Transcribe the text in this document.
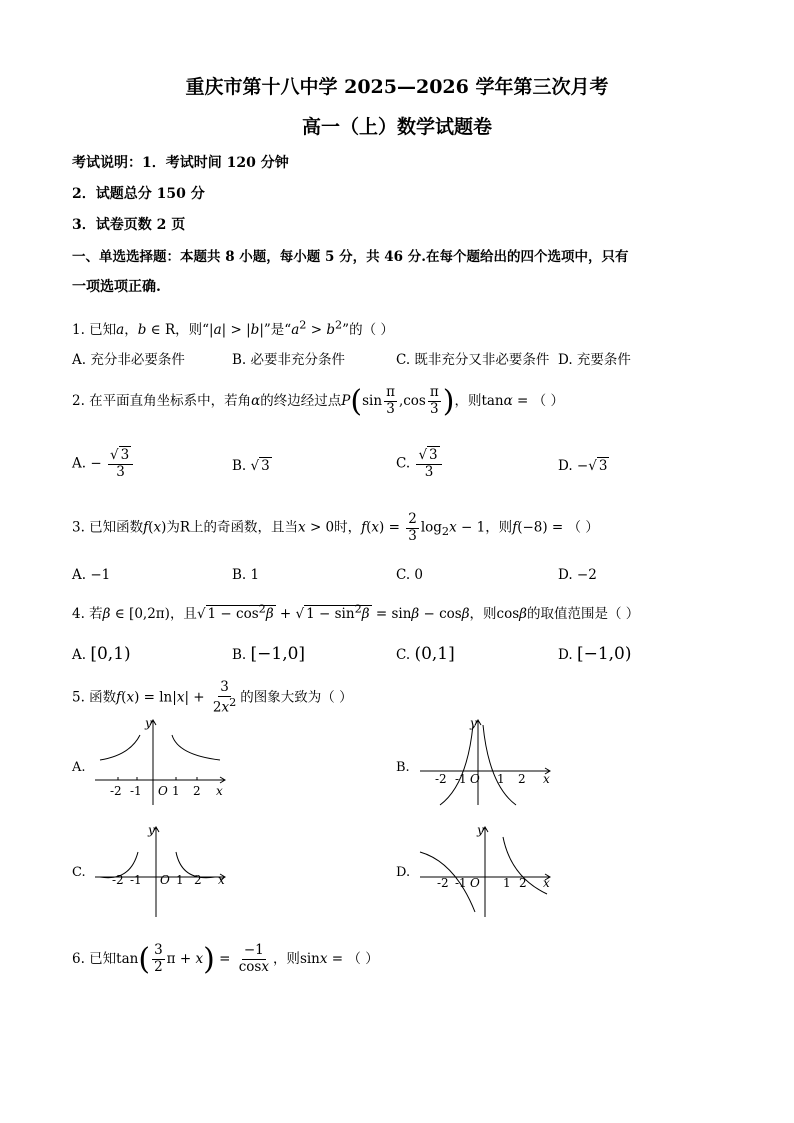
重庆市第十八中学 2025—2026 学年第三次月考
高一（上）数学试题卷
考试说明：1．考试时间 120 分钟
2．试题总分 150 分
3．试卷页数 2 页
一、单选选择题：本题共 8 小题，每小题 5 分，共 46 分.在每个题给出的四个选项中，只有
一项选项正确.
1. 已知a，b ∈ R，则“|a| > |b|”是“$a^2 > b^2$”的（ ）
A. 充分非必要条件	B. 必要非充分条件	C. 既非充分又非必要条件 D. 充要条件
2. 在平面直角坐标系中，若角α的终边经过点$P(\sin \frac{\pi}{3} ,\cos \frac{\pi}{3}$ )，则tanα = （ ）
A. − $\frac{√ 3}{3}$	B. √ 3	C. $\frac{√ 3}{3}$	D. −√ 3
3. 已知函数f(x)为R上的奇函数，且当x > 0时，$f(x) = \frac{2}{3} \log_2x - 1$，则f(−8) = （ ）
A. −1	B. 1	C. 0	D. −2
4. 若β ∈ [0,2π)，且√ $1 - \cos^2\beta$ + √ $1 - \sin^2\beta = \sin\beta - \cos\beta$，则cosβ的取值范围是（ ）
A. [0,1)	B. [−1,0]	C. (0,1]	D. [−1,0)
5. 函数$f(x) = \ln|x| + \frac{3}{2x^2}$ 的图象大致为（ ）
A.
-2 -1	1 2
O	x
y
B.
-2 -1	1 2
O	x
y
C. -2 -1	1 2
O	x
y
D.
-2 -1	1 2
O	x
y
6. 已知$\tan( \frac{3}{2}$ $\pi + x) = \frac{-1}{\cos x}$ ，则sinx = （ ）
